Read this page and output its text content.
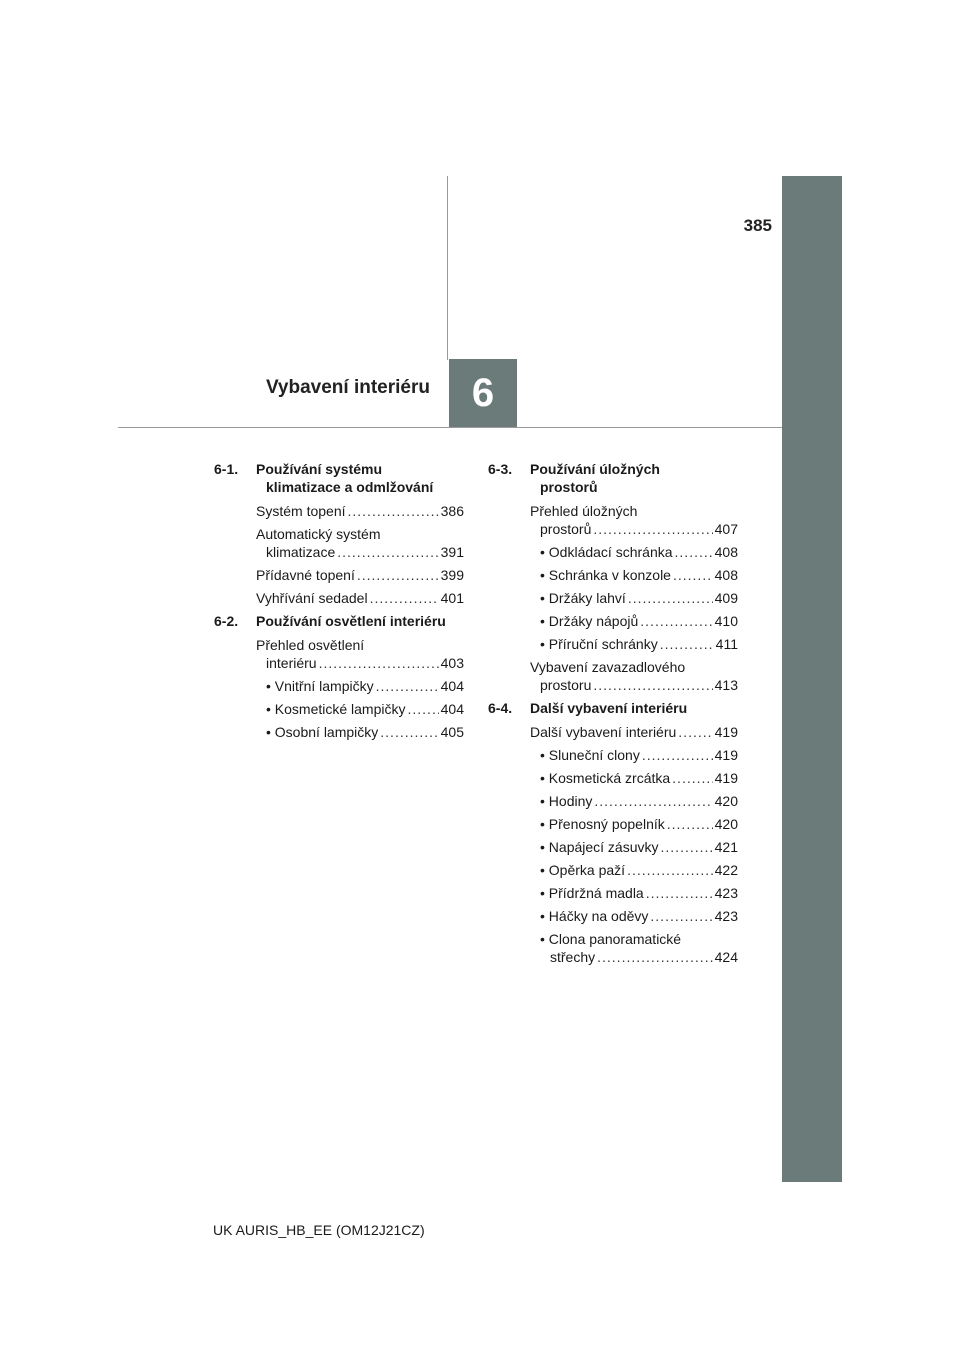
385
Vybavení interiéru 6
6-1.	Používání systému
klimatizace a odmlžování
Systém topení .....	386
Automatický systém
klimatizace .....	391
Přídavné topení .....	399
Vyhřívání sedadel .....	401
6-2.	Používání osvětlení interiéru
Přehled osvětlení
interiéru .....	403
• Vnitřní lampičky .....	404
• Kosmetické lampičky .....	404
• Osobní lampičky .....	405
6-3.	Používání úložných
prostorů
Přehled úložných
prostorů .....	407
• Odkládací schránka .....	408
• Schránka v konzole .....	408
• Držáky lahví .....	409
• Držáky nápojů .....	410
• Příruční schránky .....	411
Vybavení zavazadlového
prostoru .....	413
6-4.	Další vybavení interiéru
Další vybavení interiéru .....	419
• Sluneční clony .....	419
• Kosmetická zrcátka .....	419
• Hodiny .....	420
• Přenosný popelník .....	420
• Napájecí zásuvky .....	421
• Opěrka paží .....	422
• Přídržná madla .....	423
• Háčky na oděvy .....	423
• Clona panoramatické
střechy .....	424
UK AURIS_HB_EE (OM12J21CZ)
